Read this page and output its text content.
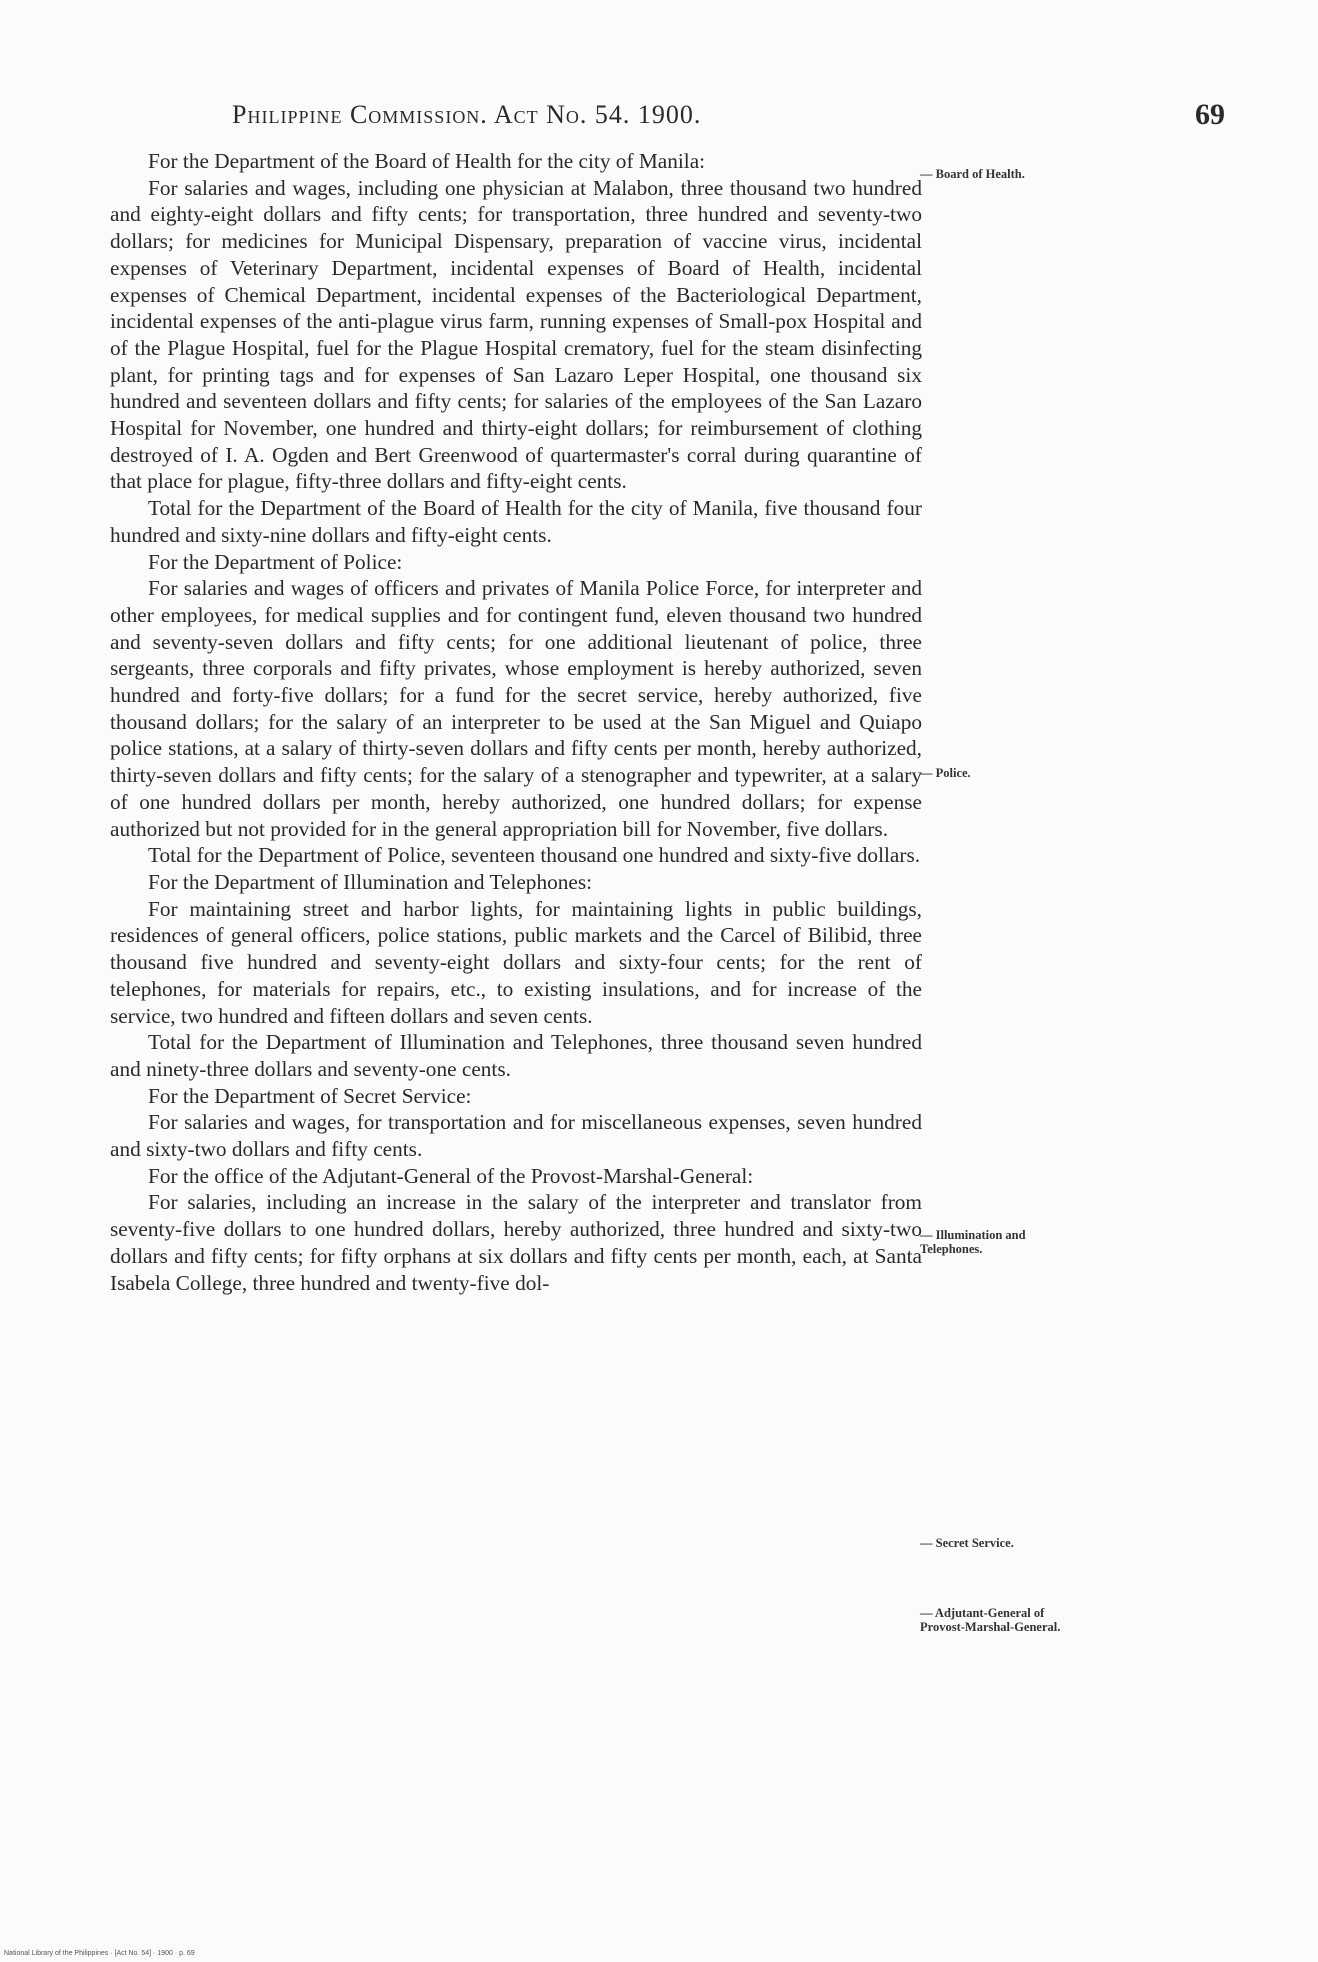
Philippine Commission. Act No. 54. 1900.	69

For the Department of the Board of Health for the city of Manila:

For salaries and wages, including one physician at Malabon, three thousand two hundred and eighty-eight dollars and fifty cents; for transportation, three hundred and seventy-two dollars; for medicines for Municipal Dispensary, preparation of vaccine virus, incidental expenses of Veterinary Department, incidental expenses of Board of Health, incidental expenses of Chemical Department, incidental expenses of the Bacteriological Department, incidental expenses of the anti-plague virus farm, running expenses of Small-pox Hospital and of the Plague Hospital, fuel for the Plague Hospital crematory, fuel for the steam disinfecting plant, for printing tags and for expenses of San Lazaro Leper Hospital, one thousand six hundred and seventeen dollars and fifty cents; for salaries of the employees of the San Lazaro Hospital for November, one hundred and thirty-eight dollars; for reimbursement of clothing destroyed of I. A. Ogden and Bert Greenwood of quartermaster's corral during quarantine of that place for plague, fifty-three dollars and fifty-eight cents.

Total for the Department of the Board of Health for the city of Manila, five thousand four hundred and sixty-nine dollars and fifty-eight cents.

For the Department of Police:

For salaries and wages of officers and privates of Manila Police Force, for interpreter and other employees, for medical supplies and for contingent fund, eleven thousand two hundred and seventy-seven dollars and fifty cents; for one additional lieutenant of police, three sergeants, three corporals and fifty privates, whose employment is hereby authorized, seven hundred and forty-five dollars; for a fund for the secret service, hereby authorized, five thousand dollars; for the salary of an interpreter to be used at the San Miguel and Quiapo police stations, at a salary of thirty-seven dollars and fifty cents per month, hereby authorized, thirty-seven dollars and fifty cents; for the salary of a stenographer and typewriter, at a salary of one hundred dollars per month, hereby authorized, one hundred dollars; for expense authorized but not provided for in the general appropriation bill for November, five dollars.

Total for the Department of Police, seventeen thousand one hundred and sixty-five dollars.

For the Department of Illumination and Telephones:

For maintaining street and harbor lights, for maintaining lights in public buildings, residences of general officers, police stations, public markets and the Carcel of Bilibid, three thousand five hundred and seventy-eight dollars and sixty-four cents; for the rent of telephones, for materials for repairs, etc., to existing insulations, and for increase of the service, two hundred and fifteen dollars and seven cents.

Total for the Department of Illumination and Telephones, three thousand seven hundred and ninety-three dollars and seventy-one cents.

For the Department of Secret Service:

For salaries and wages, for transportation and for miscellaneous expenses, seven hundred and sixty-two dollars and fifty cents.

For the office of the Adjutant-General of the Provost-Marshal-General:

For salaries, including an increase in the salary of the interpreter and translator from seventy-five dollars to one hundred dollars, hereby authorized, three hundred and sixty-two dollars and fifty cents; for fifty orphans at six dollars and fifty cents per month, each, at Santa Isabela College, three hundred and twenty-five dol-

— Board of Health.
— Police.
— Illumination and Telephones.
— Secret Service.
— Adjutant-General of Provost-Marshal-General.
National Library of the Philippines · [Act No. 54] · 1900 · p. 69
